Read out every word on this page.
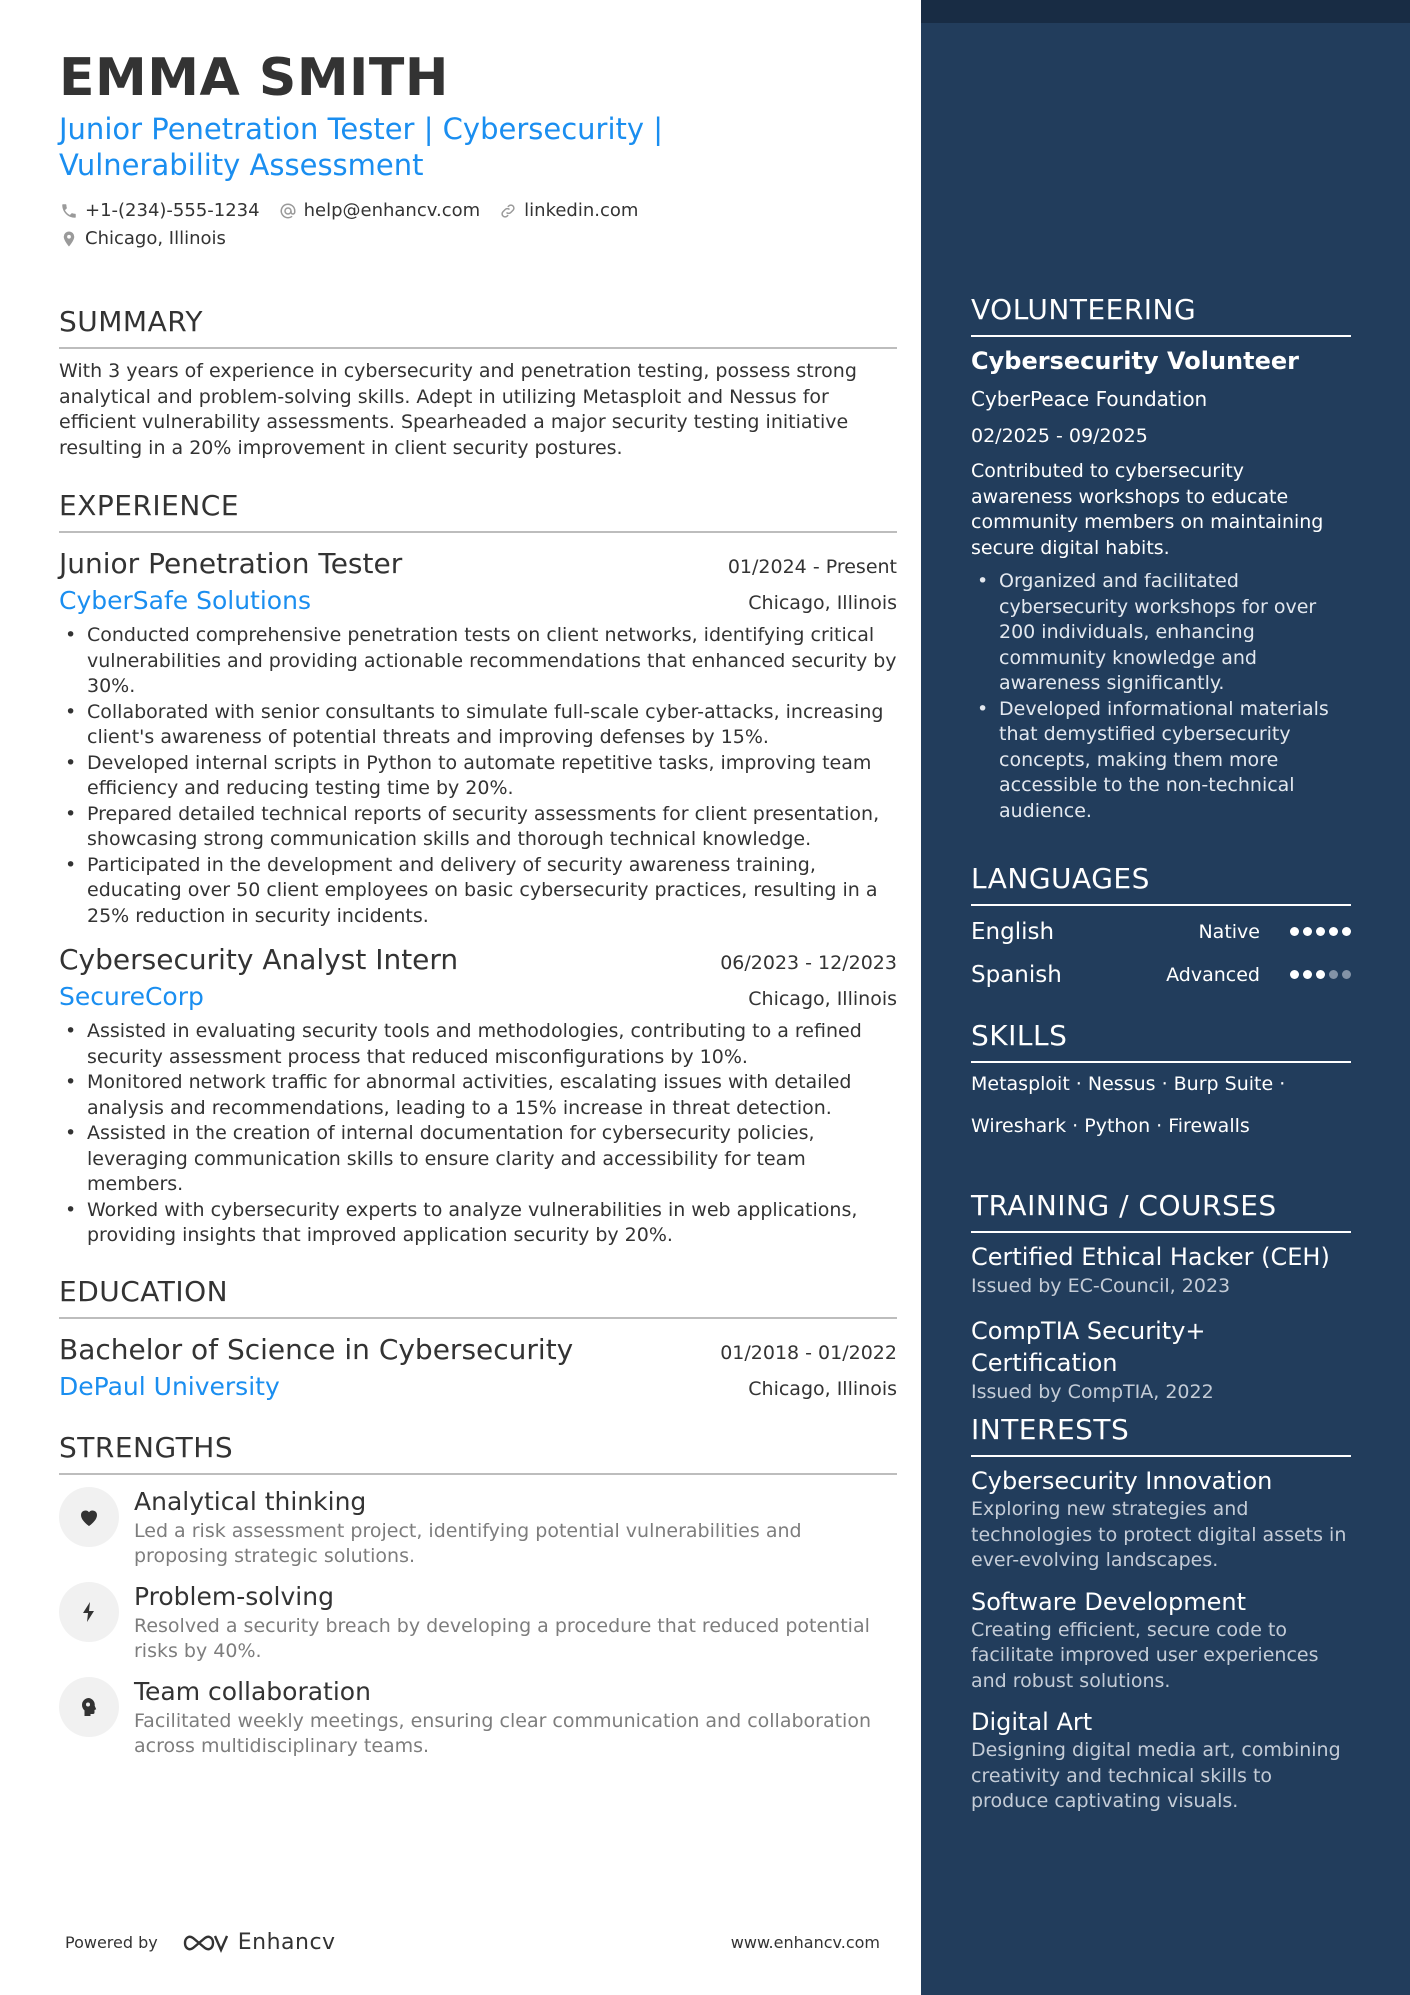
EMMA SMITH
Junior Penetration Tester | Cybersecurity | Vulnerability Assessment
+1-(234)-555-1234 help@enhancv.com linkedin.com
Chicago, Illinois
SUMMARY
With 3 years of experience in cybersecurity and penetration testing, possess strong analytical and problem-solving skills. Adept in utilizing Metasploit and Nessus for efficient vulnerability assessments. Spearheaded a major security testing initiative resulting in a 20% improvement in client security postures.
EXPERIENCE
Junior Penetration Tester	01/2024 - Present
CyberSafe Solutions	Chicago, Illinois
• Conducted comprehensive penetration tests on client networks, identifying critical vulnerabilities and providing actionable recommendations that enhanced security by 30%.
• Collaborated with senior consultants to simulate full-scale cyber-attacks, increasing client's awareness of potential threats and improving defenses by 15%.
• Developed internal scripts in Python to automate repetitive tasks, improving team efficiency and reducing testing time by 20%.
• Prepared detailed technical reports of security assessments for client presentation, showcasing strong communication skills and thorough technical knowledge.
• Participated in the development and delivery of security awareness training, educating over 50 client employees on basic cybersecurity practices, resulting in a 25% reduction in security incidents.
Cybersecurity Analyst Intern	06/2023 - 12/2023
SecureCorp	Chicago, Illinois
• Assisted in evaluating security tools and methodologies, contributing to a refined security assessment process that reduced misconfigurations by 10%.
• Monitored network traffic for abnormal activities, escalating issues with detailed analysis and recommendations, leading to a 15% increase in threat detection.
• Assisted in the creation of internal documentation for cybersecurity policies, leveraging communication skills to ensure clarity and accessibility for team members.
• Worked with cybersecurity experts to analyze vulnerabilities in web applications, providing insights that improved application security by 20%.
EDUCATION
Bachelor of Science in Cybersecurity	01/2018 - 01/2022
DePaul University	Chicago, Illinois
STRENGTHS
Analytical thinking
Led a risk assessment project, identifying potential vulnerabilities and proposing strategic solutions.
Problem-solving
Resolved a security breach by developing a procedure that reduced potential risks by 40%.
Team collaboration
Facilitated weekly meetings, ensuring clear communication and collaboration across multidisciplinary teams.
Powered by	Enhancv	www.enhancv.com
VOLUNTEERING
Cybersecurity Volunteer
CyberPeace Foundation
02/2025 - 09/2025
Contributed to cybersecurity awareness workshops to educate community members on maintaining secure digital habits.
• Organized and facilitated cybersecurity workshops for over 200 individuals, enhancing community knowledge and awareness significantly.
• Developed informational materials that demystified cybersecurity concepts, making them more accessible to the non-technical audience.
LANGUAGES
English	Native
Spanish	Advanced
SKILLS
Metasploit · Nessus · Burp Suite ·
Wireshark · Python · Firewalls
TRAINING / COURSES
Certified Ethical Hacker (CEH)
Issued by EC-Council, 2023
CompTIA Security+ Certification
Issued by CompTIA, 2022
INTERESTS
Cybersecurity Innovation
Exploring new strategies and technologies to protect digital assets in ever-evolving landscapes.
Software Development
Creating efficient, secure code to facilitate improved user experiences and robust solutions.
Digital Art
Designing digital media art, combining creativity and technical skills to produce captivating visuals.
